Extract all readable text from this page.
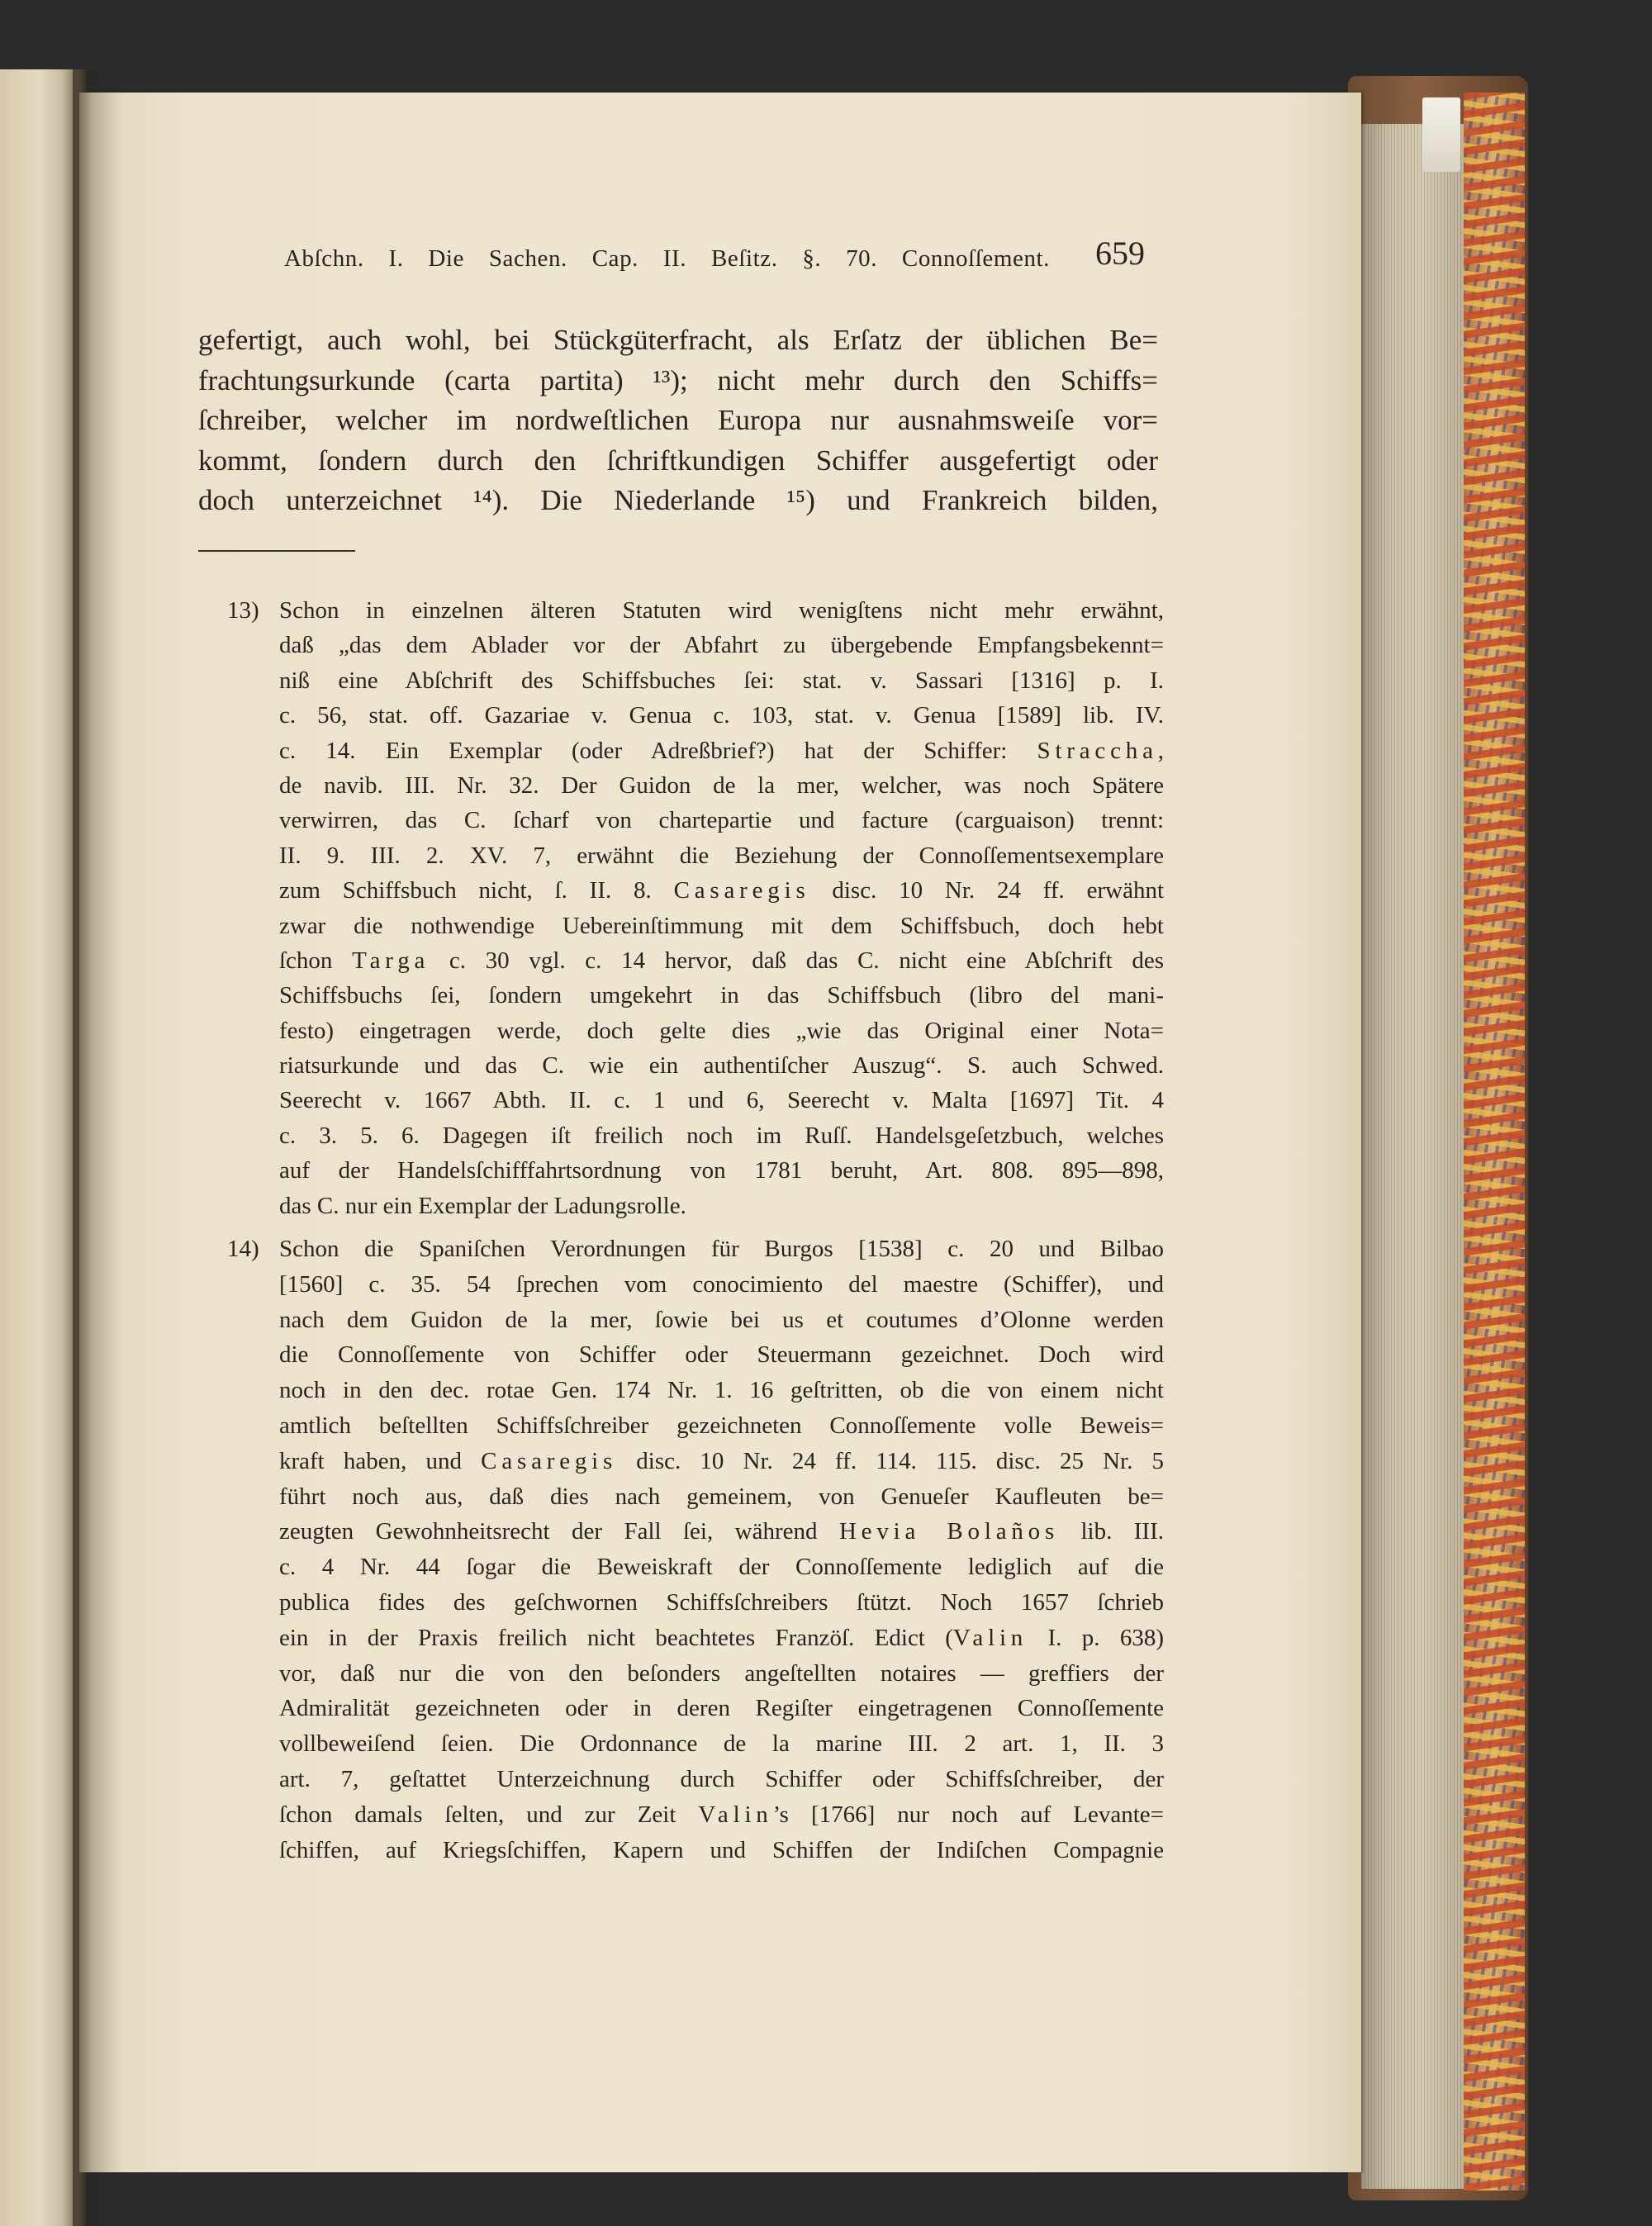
Abſchn. I. Die Sachen. Cap. II. Beſitz. §. 70. Connoſſement. 659
gefertigt, auch wohl, bei Stückgüterfracht, als Erſatz der üblichen Be=
frachtungsurkunde (carta partita) ¹³); nicht mehr durch den Schiffs=
ſchreiber, welcher im nordweſtlichen Europa nur ausnahmsweiſe vor=
kommt, ſondern durch den ſchriftkundigen Schiffer ausgefertigt oder
doch unterzeichnet ¹⁴). Die Niederlande ¹⁵) und Frankreich bilden,
13) Schon in einzelnen älteren Statuten wird wenigſtens nicht mehr erwähnt,
daß „das dem Ablader vor der Abfahrt zu übergebende Empfangsbekennt=
niß eine Abſchrift des Schiffsbuches ſei: stat. v. Sassari [1316] p. I.
c. 56, stat. off. Gazariae v. Genua c. 103, stat. v. Genua [1589] lib. IV.
c. 14. Ein Exemplar (oder Adreßbrief?) hat der Schiffer: Straccha,
de navib. III. Nr. 32. Der Guidon de la mer, welcher, was noch Spätere
verwirren, das C. ſcharf von chartepartie und facture (carguaison) trennt:
II. 9. III. 2. XV. 7, erwähnt die Beziehung der Connoſſementsexemplare
zum Schiffsbuch nicht, ſ. II. 8. Casaregis disc. 10 Nr. 24 ff. erwähnt
zwar die nothwendige Uebereinſtimmung mit dem Schiffsbuch, doch hebt
ſchon Targa c. 30 vgl. c. 14 hervor, daß das C. nicht eine Abſchrift des
Schiffsbuchs ſei, ſondern umgekehrt in das Schiffsbuch (libro del mani-
festo) eingetragen werde, doch gelte dies „wie das Original einer Nota=
riatsurkunde und das C. wie ein authentiſcher Auszug“. S. auch Schwed.
Seerecht v. 1667 Abth. II. c. 1 und 6, Seerecht v. Malta [1697] Tit. 4
c. 3. 5. 6. Dagegen iſt freilich noch im Ruſſ. Handelsgeſetzbuch, welches
auf der Handelsſchifffahrtsordnung von 1781 beruht, Art. 808. 895—898,
das C. nur ein Exemplar der Ladungsrolle.
14) Schon die Spaniſchen Verordnungen für Burgos [1538] c. 20 und Bilbao
[1560] c. 35. 54 ſprechen vom conocimiento del maestre (Schiffer), und
nach dem Guidon de la mer, ſowie bei us et coutumes d’Olonne werden
die Connoſſemente von Schiffer oder Steuermann gezeichnet. Doch wird
noch in den dec. rotae Gen. 174 Nr. 1. 16 geſtritten, ob die von einem nicht
amtlich beſtellten Schiffsſchreiber gezeichneten Connoſſemente volle Beweis=
kraft haben, und Casaregis disc. 10 Nr. 24 ff. 114. 115. disc. 25 Nr. 5
führt noch aus, daß dies nach gemeinem, von Genueſer Kaufleuten be=
zeugten Gewohnheitsrecht der Fall ſei, während Hevia Bolaños lib. III.
c. 4 Nr. 44 ſogar die Beweiskraft der Connoſſemente lediglich auf die
publica fides des geſchwornen Schiffsſchreibers ſtützt. Noch 1657 ſchrieb
ein in der Praxis freilich nicht beachtetes Franzöſ. Edict (Valin I. p. 638)
vor, daß nur die von den beſonders angeſtellten notaires — greffiers der
Admiralität gezeichneten oder in deren Regiſter eingetragenen Connoſſemente
vollbeweiſend ſeien. Die Ordonnance de la marine III. 2 art. 1, II. 3
art. 7, geſtattet Unterzeichnung durch Schiffer oder Schiffsſchreiber, der
ſchon damals ſelten, und zur Zeit Valin’s [1766] nur noch auf Levante=
ſchiffen, auf Kriegsſchiffen, Kapern und Schiffen der Indiſchen Compagnie
